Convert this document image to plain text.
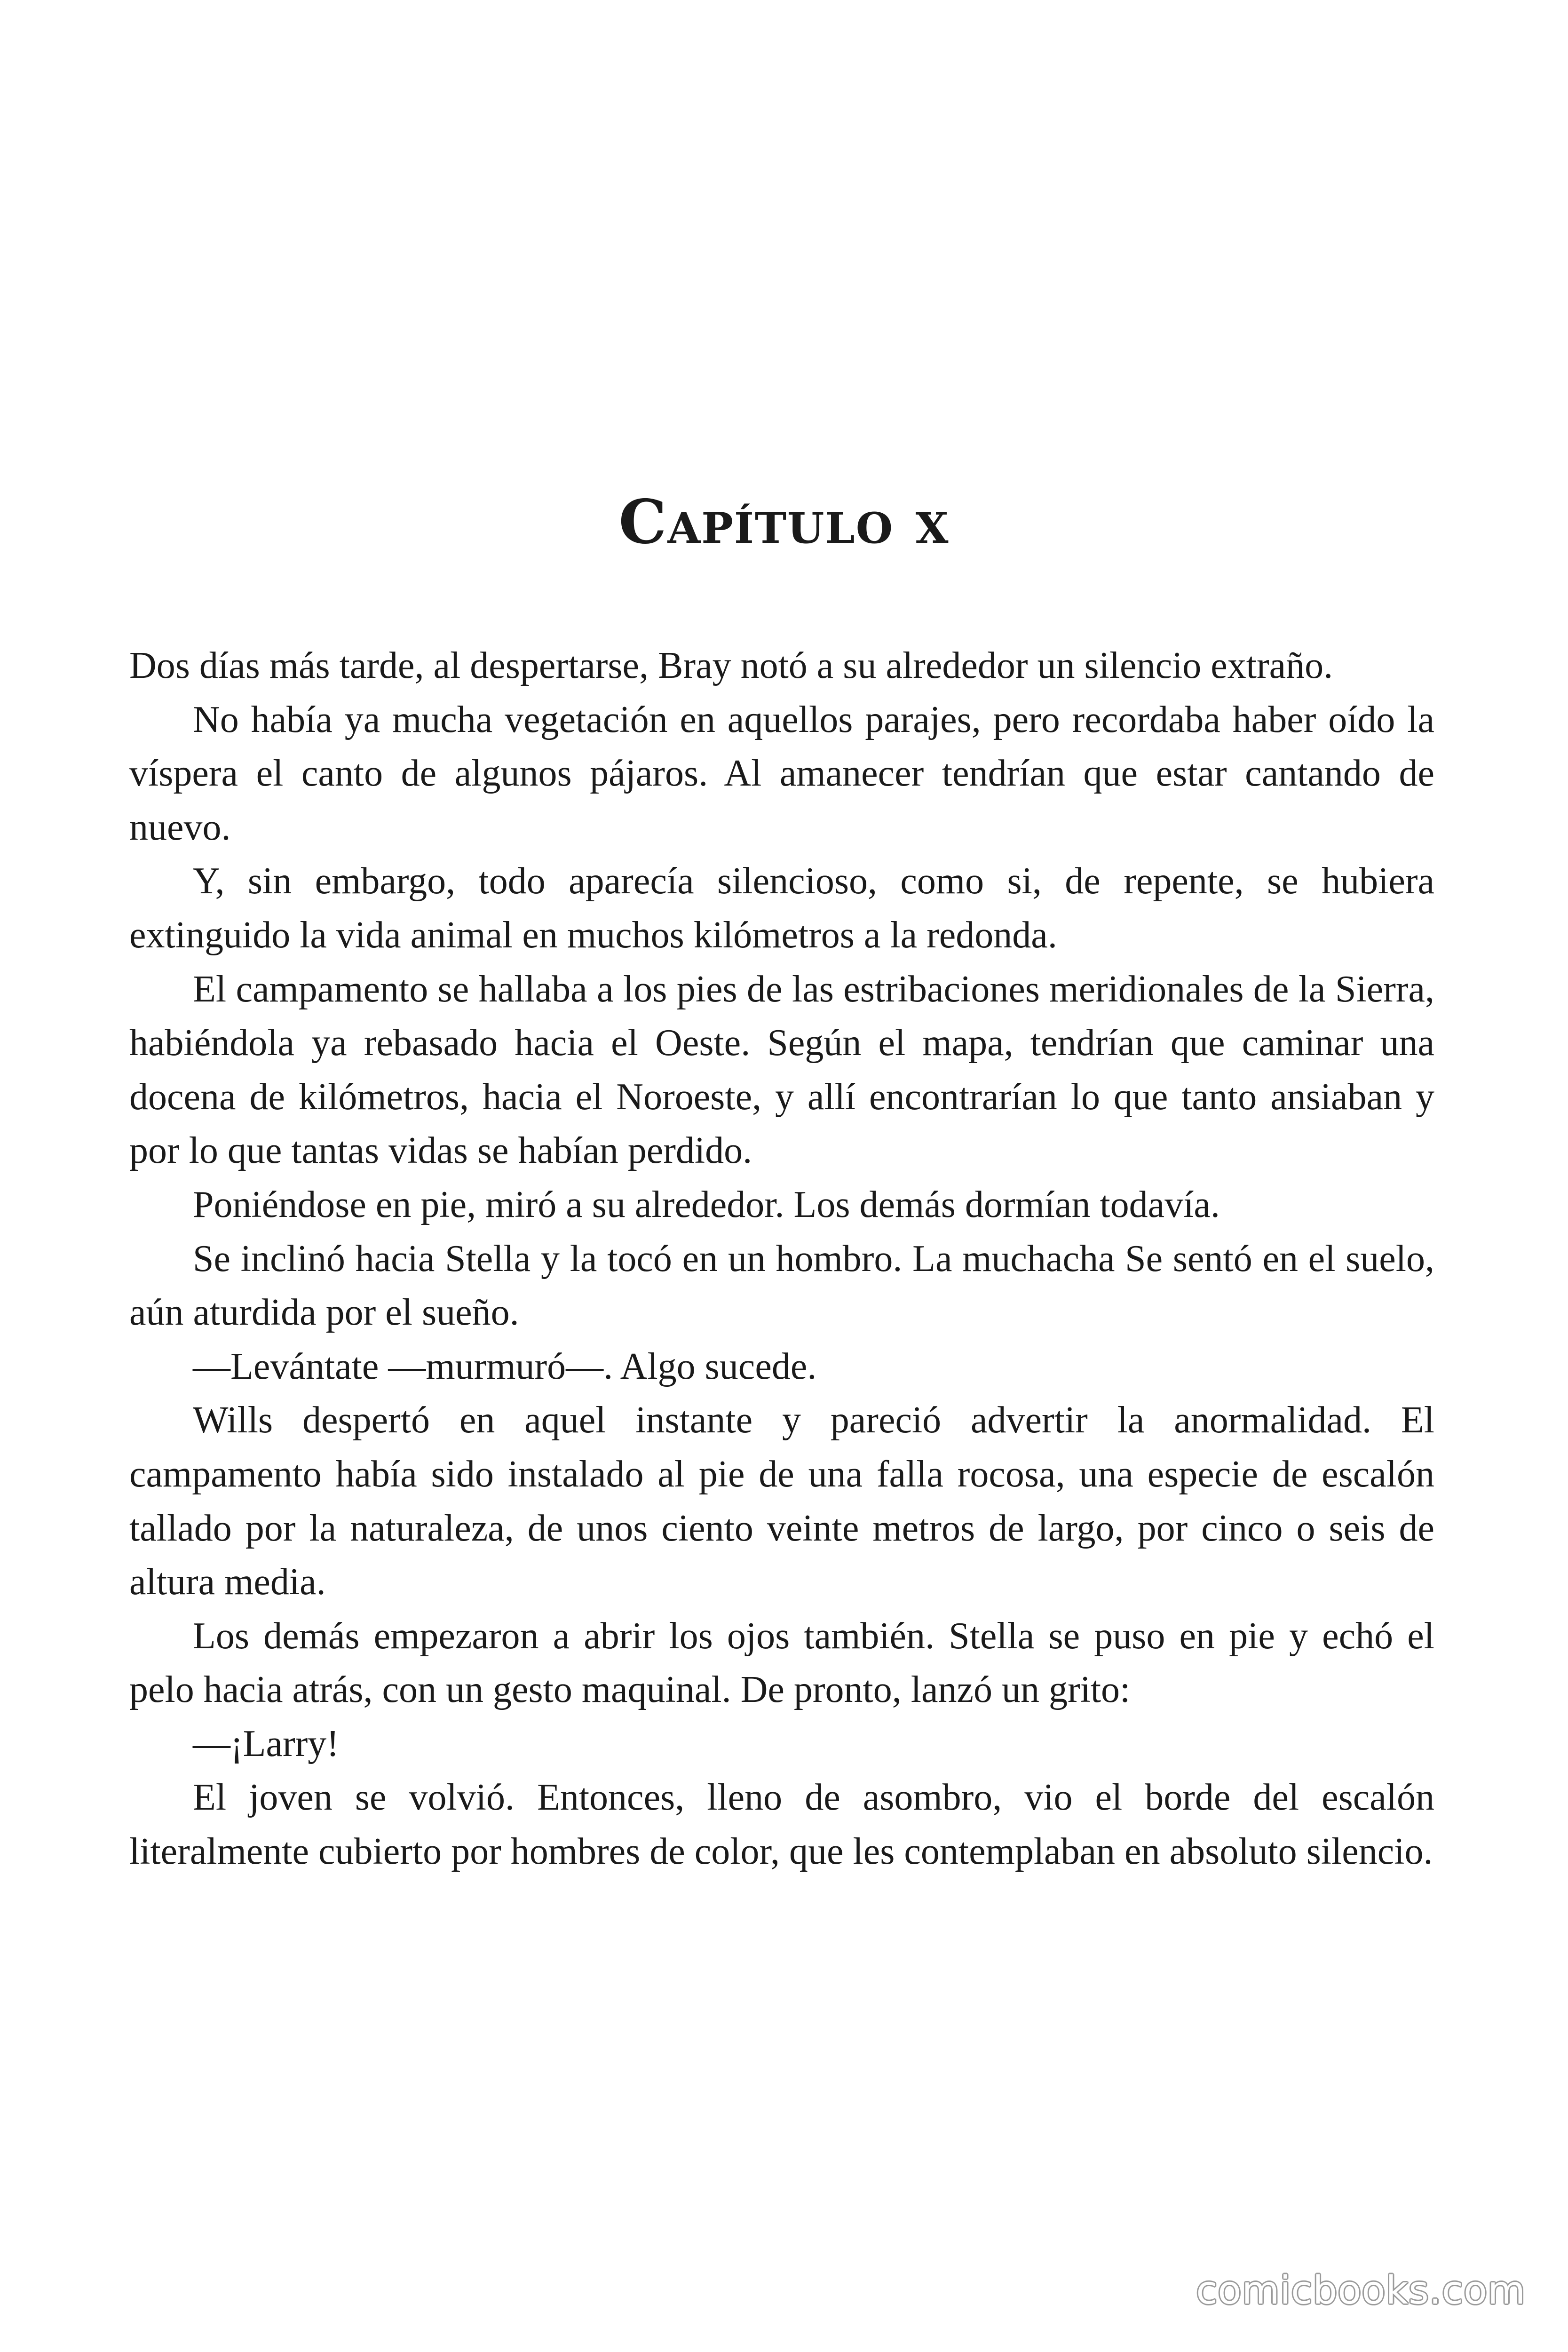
Capítulo x

Dos días más tarde, al despertarse, Bray notó a su alrededor un silencio extraño.

No había ya mucha vegetación en aquellos parajes, pero recordaba haber oído la víspera el canto de algunos pájaros. Al amanecer tendrían que estar cantando de nuevo.

Y, sin embargo, todo aparecía silencioso, como si, de repente, se hubiera extinguido la vida animal en muchos kilómetros a la redonda.

El campamento se hallaba a los pies de las estribaciones meridionales de la Sierra, habiéndola ya rebasado hacia el Oeste. Según el mapa, tendrían que caminar una docena de kilómetros, hacia el Noroeste, y allí encontrarían lo que tanto ansiaban y por lo que tantas vidas se habían perdido.

Poniéndose en pie, miró a su alrededor. Los demás dormían todavía.

Se inclinó hacia Stella y la tocó en un hombro. La muchacha Se sentó en el suelo, aún aturdida por el sueño.

—Levántate —murmuró—. Algo sucede.

Wills despertó en aquel instante y pareció advertir la anormalidad. El campamento había sido instalado al pie de una falla rocosa, una especie de escalón tallado por la naturaleza, de unos ciento veinte metros de largo, por cinco o seis de altura media.

Los demás empezaron a abrir los ojos también. Stella se puso en pie y echó el pelo hacia atrás, con un gesto maquinal. De pronto, lanzó un grito:

—¡Larry!

El joven se volvió. Entonces, lleno de asombro, vio el borde del escalón literalmente cubierto por hombres de color, que les contemplaban en absoluto silencio.

comicbooks.com
